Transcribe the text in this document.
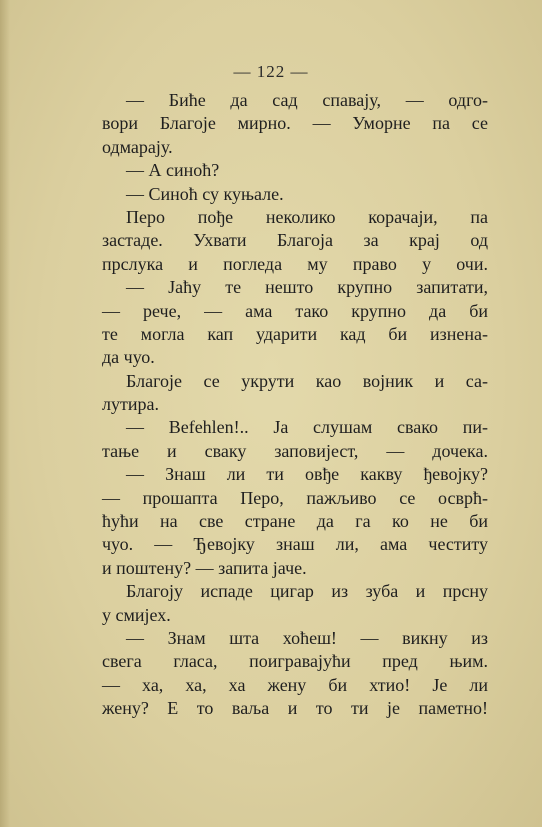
— 122 —
— Биће да сад спавају, — одго-
вори Благоје мирно. — Уморне па се
одмарају.
— А синоћ?
— Синоћ су куњале.
Перо пође неколико корачаји, па
застаде. Ухвати Благоја за крај од
прслука и погледа му право у очи.
— Јаћу те нешто крупно запитати,
— рече, — ама тако крупно да би
те могла кап ударити кад би изнена-
да чуо.
Благоје се укрути као војник и са-
лутира.
— Befehlen!.. Ја слушам свако пи-
тање и сваку заповијест, — дочека.
— Знаш ли ти овђе какву ђевојку?
— прошапта Перо, пажљиво се осврћ-
ћући на све стране да га ко не би
чуо. — Ђевојку знаш ли, ама честиту
и поштену? — запита јаче.
Благоју испаде цигар из зуба и прсну
у смијех.
— Знам шта хоћеш! — викну из
свега гласа, поигравајући пред њим.
— ха, ха, ха жену би хтио! Је ли
жену? Е то ваља и то ти је паметно!
